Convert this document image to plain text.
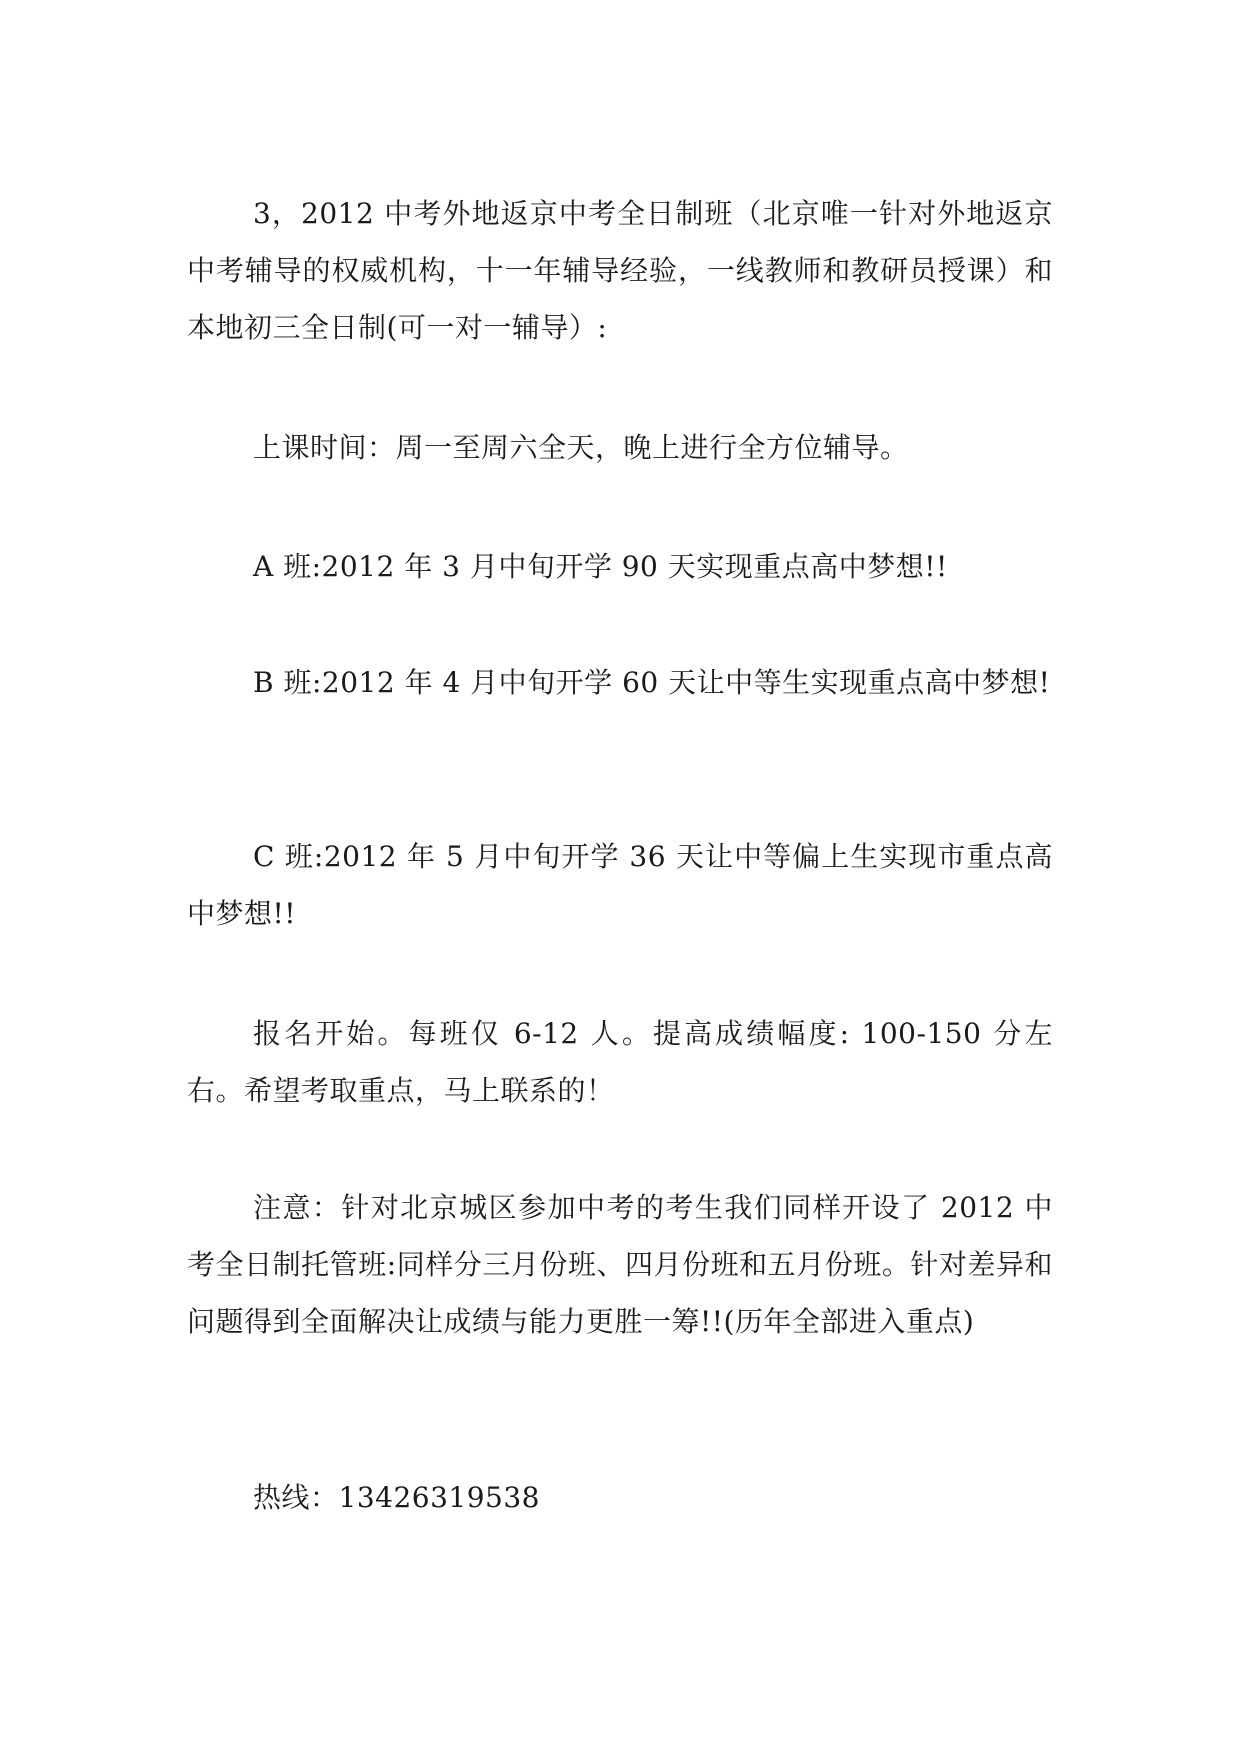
3，2012 中考外地返京中考全日制班（北京唯一针对外地返京中考辅导的权威机构，十一年辅导经验，一线教师和教研员授课）和本地初三全日制(可一对一辅导）:

上课时间：周一至周六全天，晚上进行全方位辅导。

A 班:2012 年 3 月中旬开学 90 天实现重点高中梦想!!

B 班:2012 年 4 月中旬开学 60 天让中等生实现重点高中梦想!

C 班:2012 年 5 月中旬开学 36 天让中等偏上生实现市重点高中梦想!!

报名开始。每班仅 6-12 人。提高成绩幅度: 100-150 分左右。希望考取重点，马上联系的！

注意：针对北京城区参加中考的考生我们同样开设了 2012 中考全日制托管班:同样分三月份班、四月份班和五月份班。针对差异和问题得到全面解决让成绩与能力更胜一筹!!(历年全部进入重点)

热线：13426319538
